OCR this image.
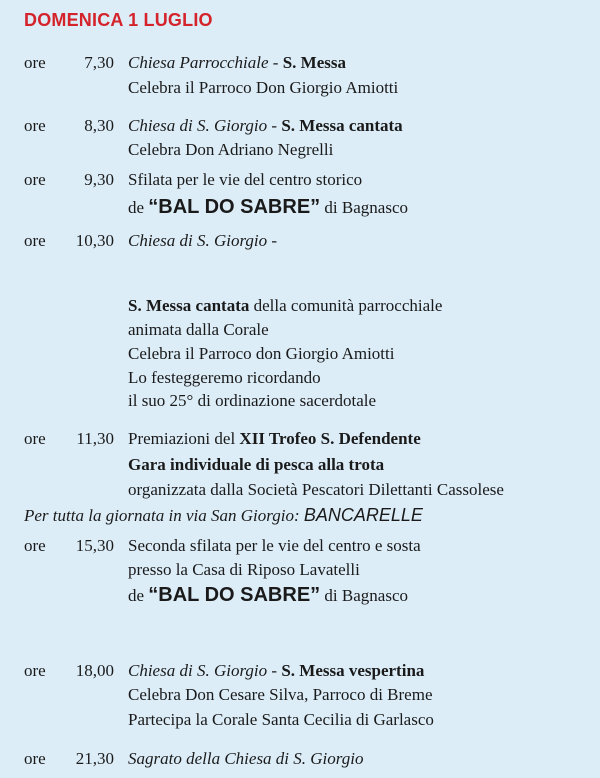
DOMENICA 1 LUGLIO
ore	7,30 Chiesa Parrocchiale - S. Messa
Celebra il Parroco Don Giorgio Amiotti
ore	8,30 Chiesa di S. Giorgio - S. Messa cantata
Celebra Don Adriano Negrelli
ore	9,30 Sfilata per le vie del centro storico
de “BAL DO SABRE” di Bagnasco
ore	10,30 Chiesa di S. Giorgio -
S. Messa cantata della comunità parrocchiale
animata dalla Corale
Celebra il Parroco don Giorgio Amiotti
Lo festeggeremo ricordando
il suo 25° di ordinazione sacerdotale
ore	11,30 Premiazioni del XII Trofeo S. Defendente
Gara individuale di pesca alla trota
organizzata dalla Società Pescatori Dilettanti Cassolese
Per tutta la giornata in via San Giorgio: BANCARELLE
ore	15,30 Seconda sfilata per le vie del centro e sosta
presso la Casa di Riposo Lavatelli
de “BAL DO SABRE” di Bagnasco
ore	18,00 Chiesa di S. Giorgio - S. Messa vespertina
Celebra Don Cesare Silva, Parroco di Breme
Partecipa la Corale Santa Cecilia di Garlasco
ore	21,30 Sagrato della Chiesa di S. Giorgio
